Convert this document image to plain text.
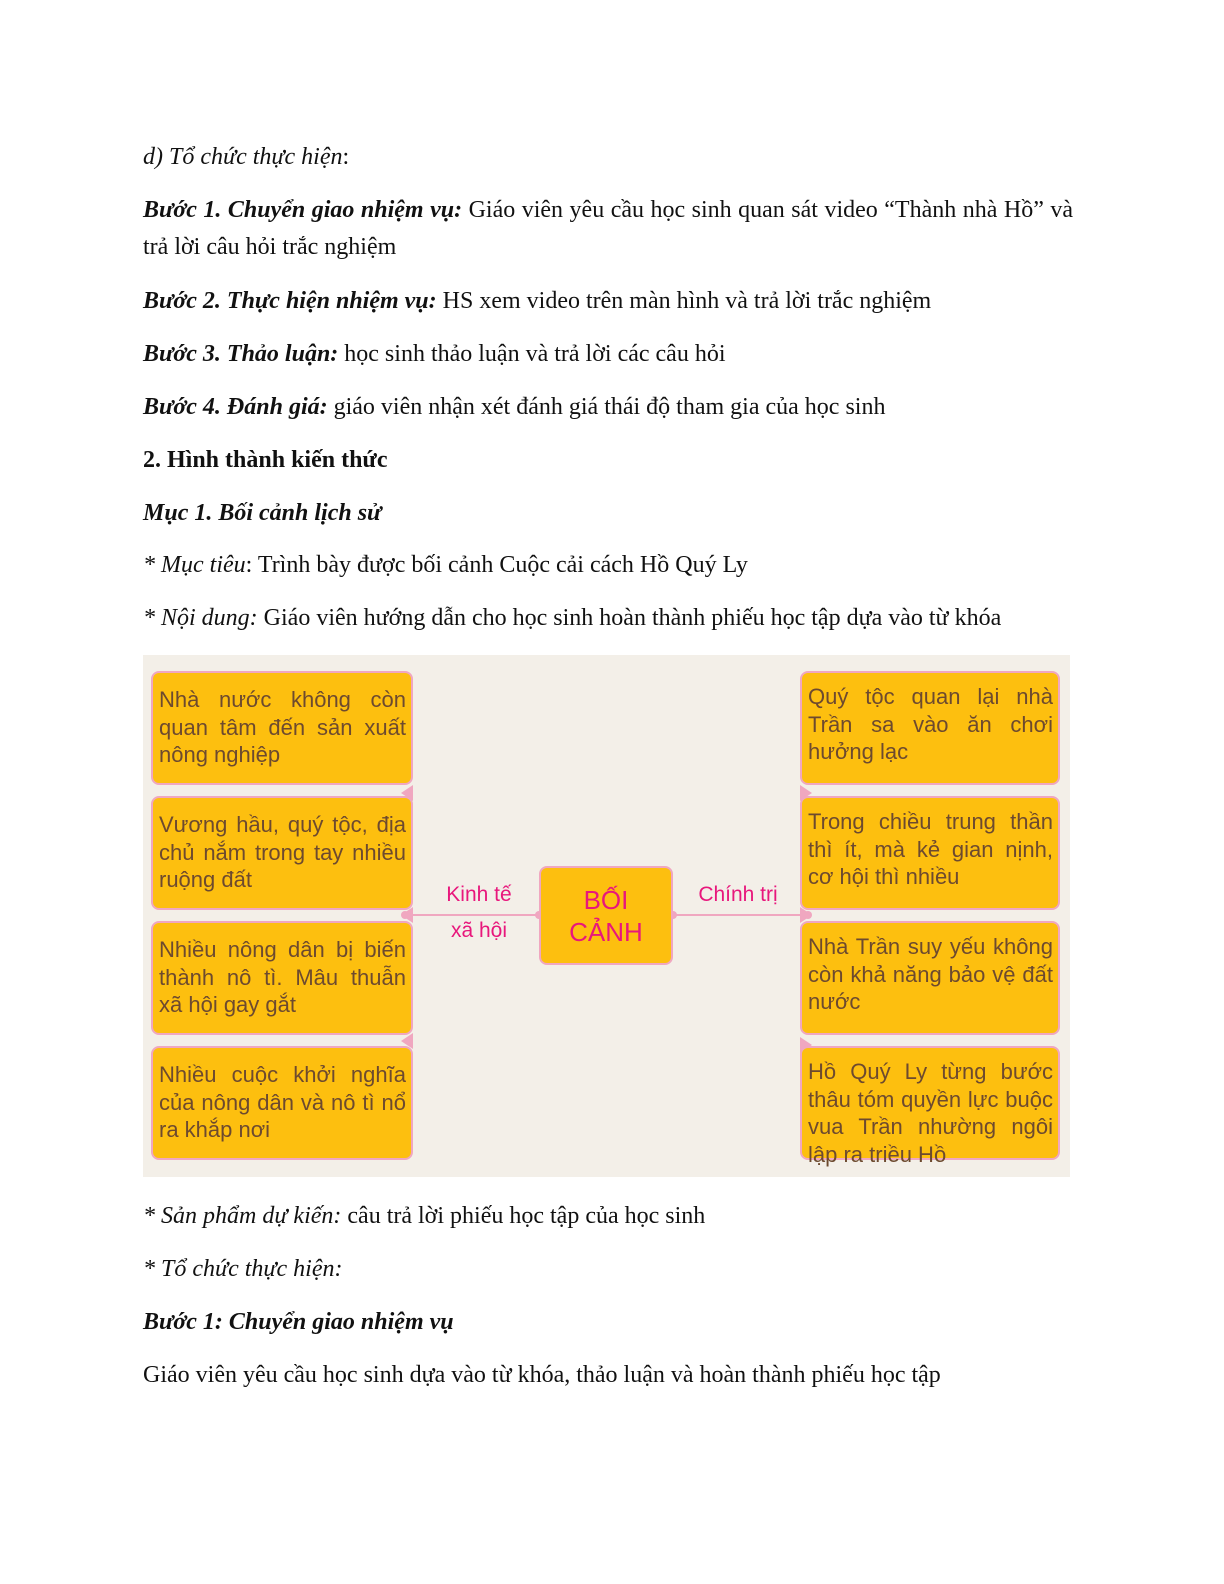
d) Tổ chức thực hiện:
Bước 1. Chuyển giao nhiệm vụ: Giáo viên yêu cầu học sinh quan sát video “Thành nhà Hồ” và trả lời câu hỏi trắc nghiệm
Bước 2. Thực hiện nhiệm vụ: HS xem video trên màn hình và trả lời trắc nghiệm
Bước 3. Thảo luận: học sinh thảo luận và trả lời các câu hỏi
Bước 4. Đánh giá: giáo viên nhận xét đánh giá thái độ tham gia của học sinh
2. Hình thành kiến thức
Mục 1. Bối cảnh lịch sử
* Mục tiêu: Trình bày được bối cảnh Cuộc cải cách Hồ Quý Ly
* Nội dung: Giáo viên hướng dẫn cho học sinh hoàn thành phiếu học tập dựa vào từ khóa
Kinh tế
xã hội
Chính trị
BỐI
CẢNH
Nhà nước không còn quan tâm đến sản xuất nông nghiệp
Vương hầu, quý tộc, địa chủ nắm trong tay nhiều ruộng đất
Nhiều nông dân bị biến thành nô tì. Mâu thuẫn xã hội gay gắt
Nhiều cuộc khởi nghĩa của nông dân và nô tì nổ ra khắp nơi
Quý tộc quan lại nhà Trần sa vào ăn chơi hưởng lạc
Trong chiều trung thần thì ít, mà kẻ gian nịnh, cơ hội thì nhiều
Nhà Trần suy yếu không còn khả năng bảo vệ đất nước
Hồ Quý Ly từng bước thâu tóm quyền lực buộc vua Trần nhường ngôi lập ra triều Hồ
* Sản phẩm dự kiến: câu trả lời phiếu học tập của học sinh
* Tổ chức thực hiện:
Bước 1: Chuyển giao nhiệm vụ
Giáo viên yêu cầu học sinh dựa vào từ khóa, thảo luận và hoàn thành phiếu học tập
